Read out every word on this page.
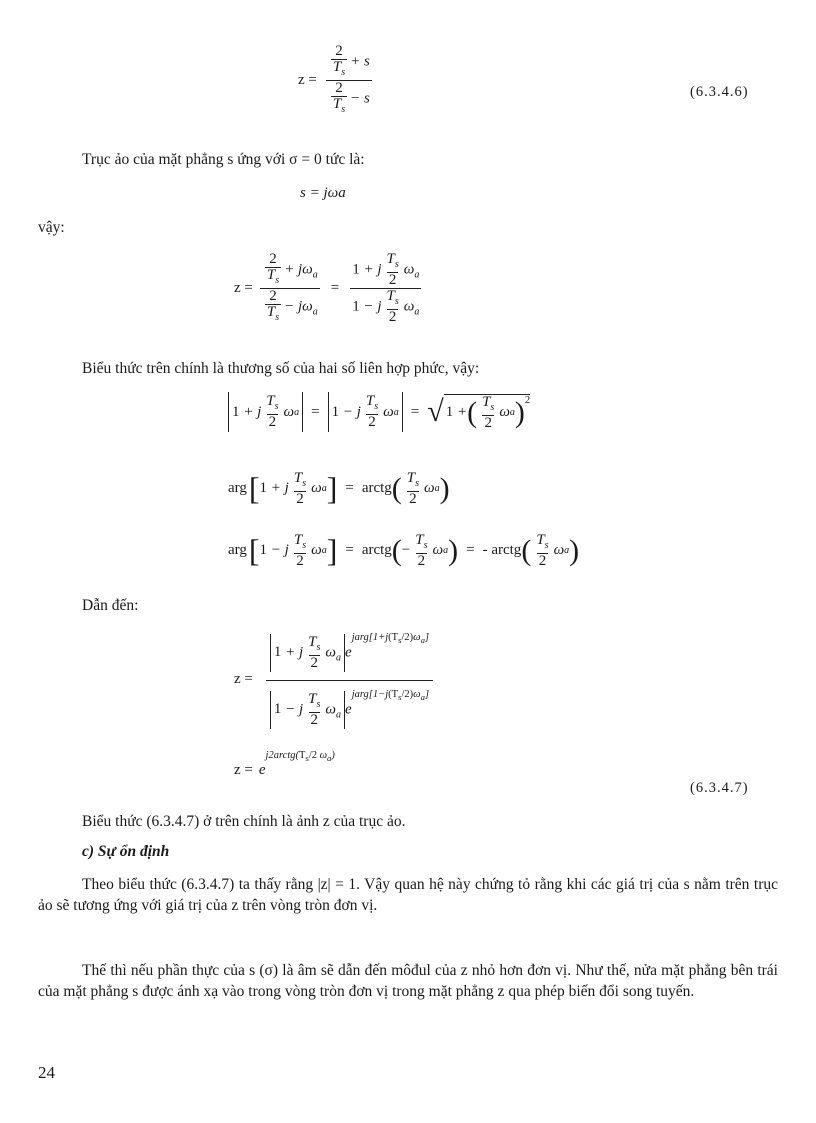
$z = \frac{\frac{2}{T_s} + s}{\frac{2}{T_s} - s}$	(6.3.4.6)
Trục ảo của mặt phẳng s ứng với σ = 0 tức là:
s = jωa
vậy:
$z = \frac{\frac{2}{T_s} + j\omega_a}{\frac{2}{T_s} - j\omega_a} = \frac{1 + j \frac{T_s}{2} \omega_a}{1 - j \frac{T_s}{2} \omega_a}$
Biểu thức trên chính là thương số của hai số liên hợp phức, vậy:
1 + j $\frac{T_s}{2}$ ω a = 1 − j $\frac{T_s}{2}$ ω a = √ 1 + ( $\frac{T_s}{2}$ ω a ) 2
arg [ 1 + j $\frac{T_s}{2}$ ω a ] = arctg ( $\frac{T_s}{2}$ ω a )
arg [ 1 − j $\frac{T_s}{2}$ ω a ] = arctg ( − $\frac{T_s}{2}$ ω a ) = - arctg ( $\frac{T_s}{2}$ ω a )
Dẫn đến:
$z = \frac{1 + j \frac{T_s}{2} \omega_a e^{jarg[1+j(T_s/2)\omega_a]}}{1 - j \frac{T_s}{2} \omega_a e^{jarg[1-j(T_s/2)\omega_a]}}$
z = e
$j2arctg(T_s/2$ $\omega_a$)
(6.3.4.7)
Biểu thức (6.3.4.7) ở trên chính là ảnh z của trục ảo.
c) Sự ổn định
Theo biểu thức (6.3.4.7) ta thấy rằng |z| = 1. Vậy quan hệ này chứng tỏ rằng khi các giá trị của s nằm trên trục ảo sẽ tương ứng với giá trị của z trên vòng tròn đơn vị.
Thế thì nếu phần thực của s (σ) là âm sẽ dẫn đến môđul của z nhỏ hơn đơn vị. Như thế, nửa mặt phẳng bên trái của mặt phẳng s được ánh xạ vào trong vòng tròn đơn vị trong mặt phẳng z qua phép biến đổi song tuyến.
24
